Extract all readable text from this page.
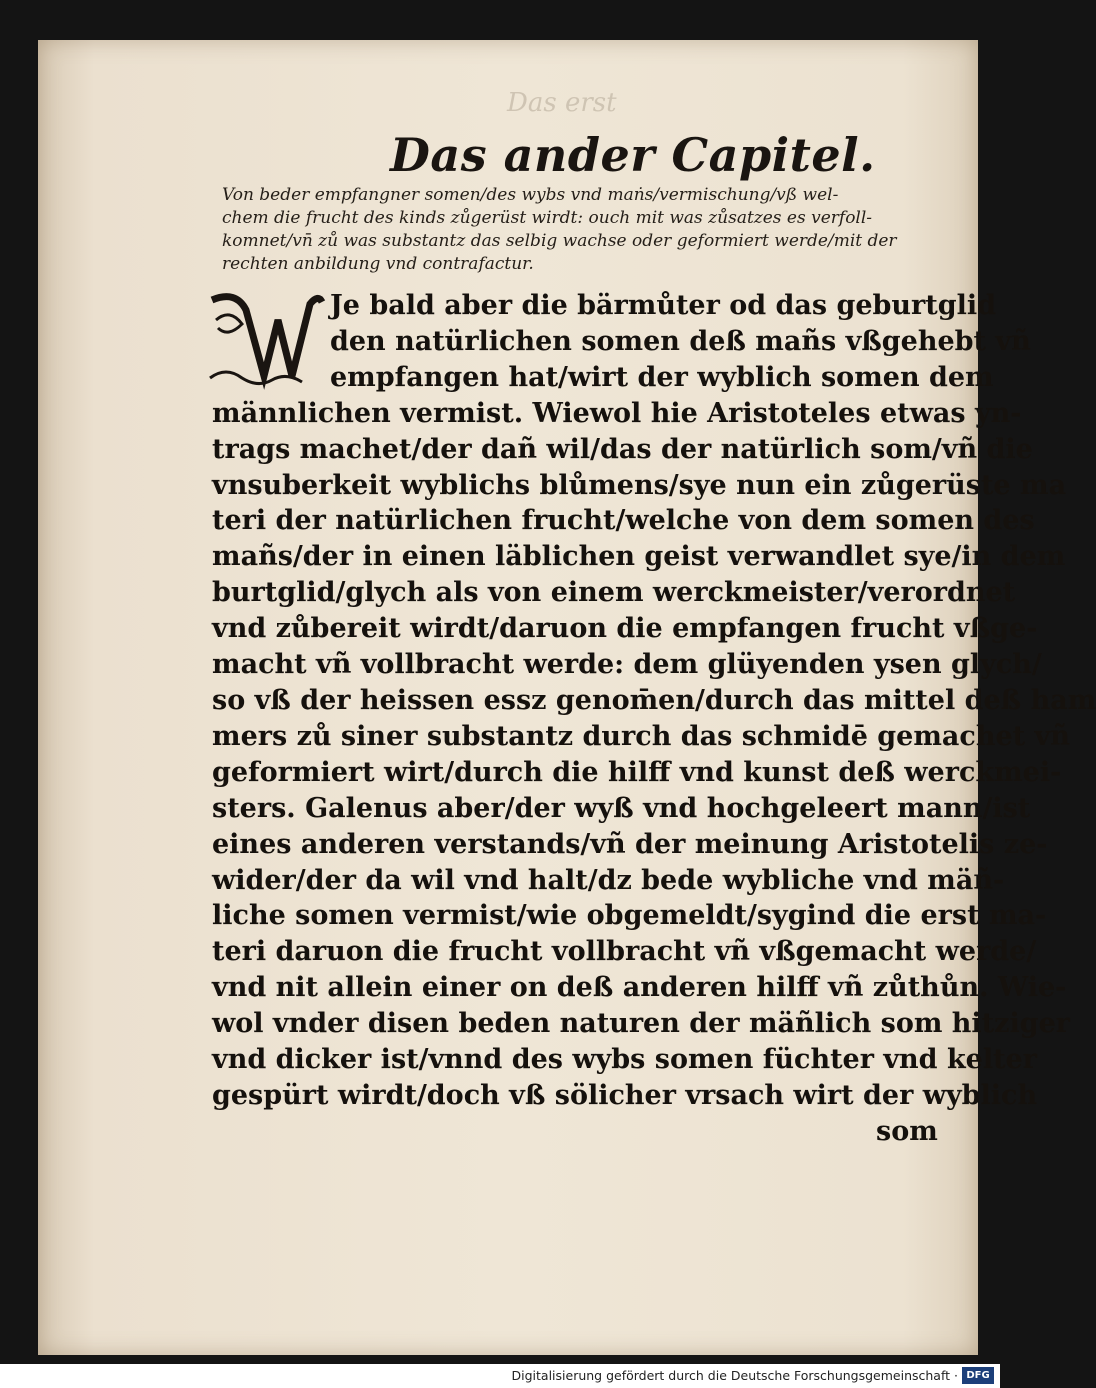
Das erst
Das ander Capitel.
Von beder empfangner somen/des wybs vnd maṅs/vermischung/vß wel-
chem die frucht des kinds zůgerüst wirdt: ouch mit was zůsatzes es verfoll-
komnet/vn̄ zů was substantz das selbig wachse oder geformiert werde/mit der
rechten anbildung vnd contrafactur.
Je bald aber die bärmůter od das geburtglid
den natürlichen somen deß mañs vßgehebt vñ
empfangen hat/wirt der wyblich somen dem
männlichen vermist. Wiewol hie Aristoteles etwas yn-
trags machet/der dañ wil/das der natürlich som/vñ die
vnsuberkeit wyblichs blůmens/sye nun ein zůgerüste ma
teri der natürlichen frucht/welche von dem somen des
mañs/der in einen läblichen geist verwandlet sye/in dem
burtglid/glych als von einem werckmeister/verordnet
vnd zůbereit wirdt/daruon die empfangen frucht vßge-
macht vñ vollbracht werde: dem glüyenden ysen glych/
so vß der heissen essz genom̄en/durch das mittel deß ham
mers zů siner substantz durch das schmidē gemachet vñ
geformiert wirt/durch die hilff vnd kunst deß werckmei-
sters. Galenus aber/der wyß vnd hochgeleert mann/ist
eines anderen verstands/vñ der meinung Aristotelis ze-
wider/der da wil vnd halt/dz bede wybliche vnd mäñ-
liche somen vermist/wie obgemeldt/sygind die erst ma-
teri daruon die frucht vollbracht vñ vßgemacht werde/
vnd nit allein einer on deß anderen hilff vñ zůthůn. Wie-
wol vnder disen beden naturen der mäñlich som hitziger
vnd dicker ist/vnnd des wybs somen füchter vnd kelter
gespürt wirdt/doch vß sölicher vrsach wirt der wyblich
som
Digitalisierung gefördert durch die Deutsche Forschungsgemeinschaft · DFG
